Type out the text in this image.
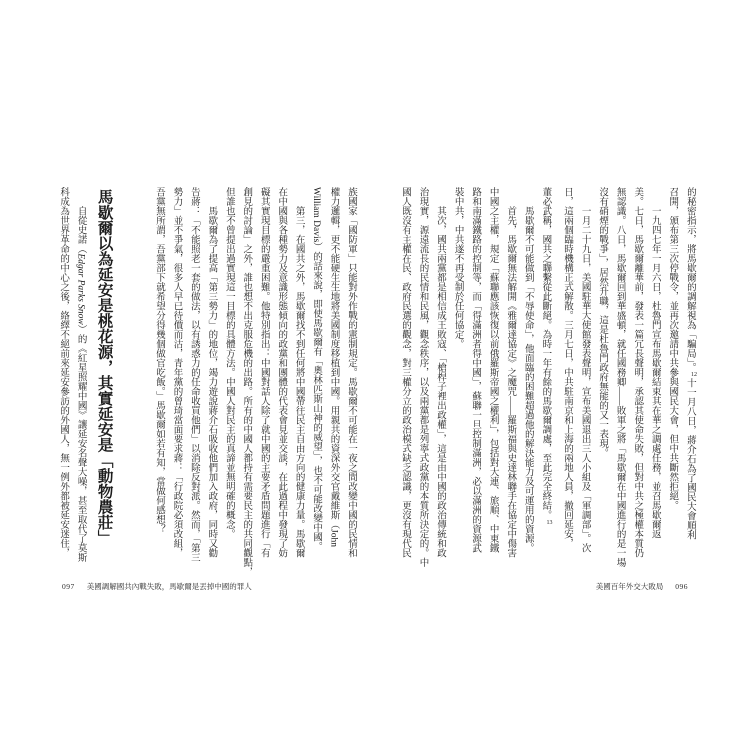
的秘密指示，將馬歇爾的調解視為「騙局」。$^{12}$十一月八日，蔣介石為了國民大會順利
召開，頒布第三次停戰令，並再次邀請中共參與國民大會，但中共斷然拒絕。
一九四七年一月六日，杜魯門宣布馬歇爾結束其在華之調處任務，並召馬歇爾返
美。七日，馬歇爾離華前，發表一篇冗長聲明，承認其使命失敗，但對中共之極權本質仍
無認識。八日，馬歇爾回到華盛頓，就任國務卿——敗軍之將「馬歇爾在中國進行的是一場
沒有硝煙的戰爭」，居然升職，這是杜魯門政府無能的又一表現。
一月二十九日，美國駐華大使館發表聲明，宣布美國退出三人小組及「軍調部」。次
日，這兩個臨時機構正式解散。三月七日，中共駐南京和上海的兩地人員，撤回延安，
董必武稱，國共之聯繫從此斷絕。為時一年有餘的馬歇爾調處，至此完全終結。$^{13}$
馬歇爾不可能做到「不辱使命」，他面臨的困難超過他的解決能力及可運用的資源。
首先，馬歇爾無法解開《雅爾達協定》之魔咒——羅斯福與史達林聯手在協定中傷害
中國之主權，規定「蘇聯應該恢復以前俄羅斯帝國之權利」，包括對大連、旅順、中東鐵
路和南滿鐵路的控制等，而「得滿洲者得中國」，蘇聯一旦控制滿洲，必以滿洲的資源武
裝中共，中共遂不再受制於任何協定。
其次，國共兩黨都是相信成王敗寇、「槍桿子裡出政權」，這是由中國的政治傳統和政
治現實，源遠流長的民情和民風，觀念秩序，以及兩黨都是列寧式政黨的本質所決定的。中
國人既沒有主權在民、政府民選的觀念，對三權分立的政治模式缺乏認識，更沒有現代民
族國家「國防軍」只能對外作戰的憲制規定。馬歇爾不可能在一夜之間改變中國的民情和
權力邏輯，更不能硬生生地將美國制度移植到中國。用親共的資深外交官戴維斯（John
William Davis）的話來說，即使馬歇爾有「奧林匹斯山神的威望」，也不可能改變中國。
第三，在國共之外，馬歇爾找不到任何將中國帶往民主自由方向的健康力量。馬歇爾
在中國與各種勢力及意識形態傾向的政黨和團體的代表會見並交談，在此過程中發現了妨
礙其實現目標的嚴重困難。他特別指出：中國對話人除了就中國的主要矛盾問題進行「有
創見的討論」之外，誰也想不出克服危機的出路。所有的中國人都持有需要民主的共同觀點，
但誰也不曾提出過實現這一目標的具體方法。中國人對民主的真諦並無明確的概念。
馬歇爾為了提高「第三勢力」的地位，竭力遊說蔣介石吸收他們加入政府，同時又勸
告蔣：「不能照老一套的做法，以有誘惑力的任命收買他們」以消除反對派。然而，「第三
勢力」並不爭氣，很多人早已待價而沽，青年黨的曾琦當面要求蔣：「行政院必須改組，
吾黨無所謂，吾黨部下就希望分得幾個做官吃飯。」馬歇爾如若有知，當做何感想？
馬歇爾以為延安是桃花源，其實延安是「動物農莊」
自從史諾（Edgar Parks Snow）的《紅星照耀中國》讓延安名聲大噪，甚至取代了莫斯
科成為世界革命的中心之後，絡繹不絕前來延安參訪的外國人，無一例外都被延安迷住，
097 美國調解國共內戰失敗，馬歇爾是丟掉中國的罪人	美國百年外交大敗局 096
